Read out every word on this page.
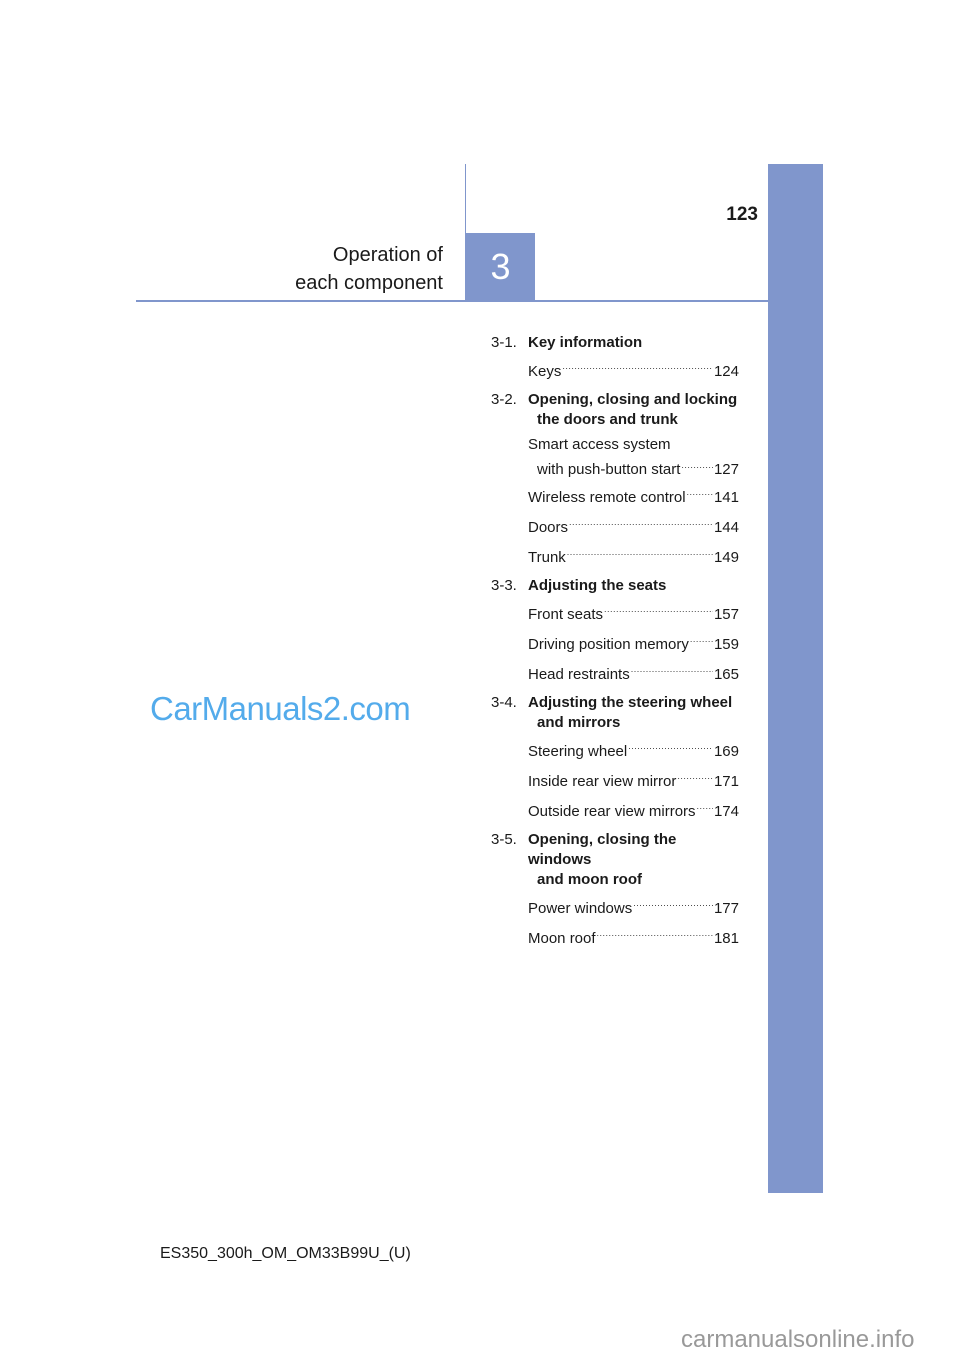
3
123
Operation of
each component
3-1. Key information
Keys .....	124
3-2. Opening, closing and locking
the doors and trunk
Smart access system
with push-button start ..... 127
Wireless remote control ..... 141
Doors .....	144
Trunk .....	149
3-3. Adjusting the seats
Front seats .....	157
Driving position memory ..... 159
Head restraints .....	165
3-4. Adjusting the steering wheel
and mirrors
Steering wheel .....	169
Inside rear view mirror .....	171
Outside rear view mirrors ..... 174
3-5. Opening, closing the windows
and moon roof
Power windows .....	177
Moon roof .....	181
ES350_300h_OM_OM33B99U_(U)
CarManuals2.com
carmanualsonline.info
